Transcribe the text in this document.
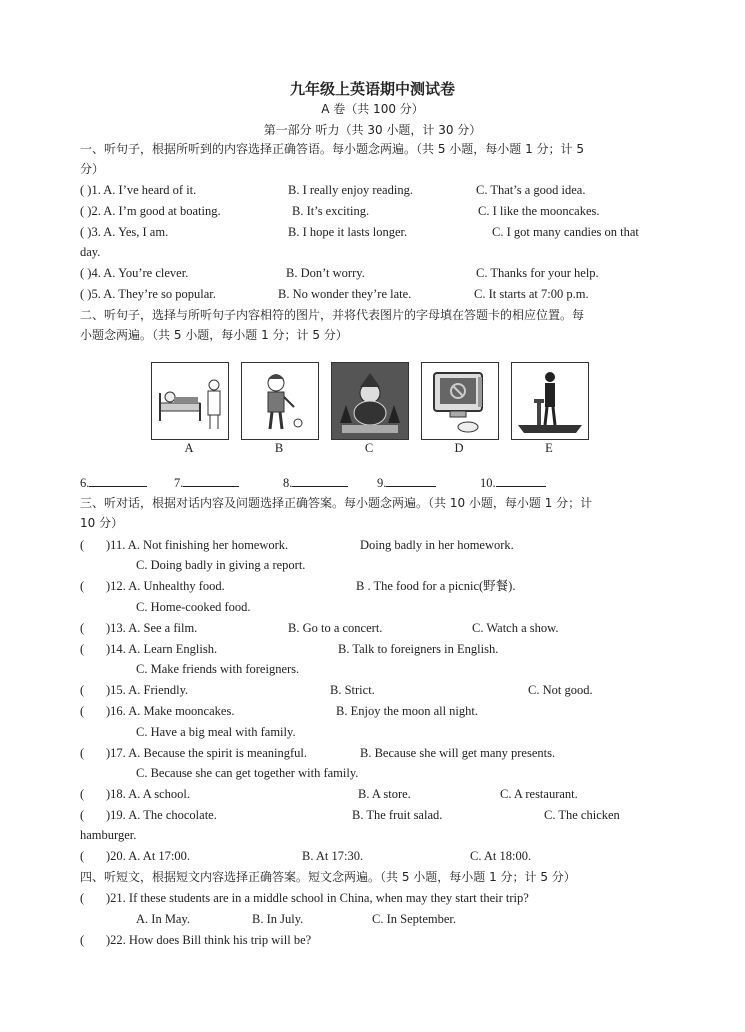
九年级上英语期中测试卷
A 卷（共 100 分）
第一部分 听力（共 30 小题，计 30 分）
一、听句子，根据所听到的内容选择正确答语。每小题念两遍。（共 5 小题，每小题 1 分；计 5
分）
( )1. A. I’ve heard of it.	B. I really enjoy reading.	C. That’s a good idea.
( )2. A. I’m good at boating.	B. It’s exciting.	C. I like the mooncakes.
( )3. A. Yes, I am.	B. I hope it lasts longer.	C. I got many candies on that
day.
( )4. A. You’re clever.	B. Don’t worry.	C. Thanks for your help.
( )5. A. They’re so popular.	B. No wonder they’re late.	C. It starts at 7:00 p.m.
二、听句子，选择与所听句子内容相符的图片，并将代表图片的字母填在答题卡的相应位置。每
小题念两遍。（共 5 小题，每小题 1 分；计 5 分）
A	B	C	D	E
6.	7.	8.	9.	10.
三、听对话，根据对话内容及问题选择正确答案。每小题念两遍。（共 10 小题，每小题 1 分；计
10 分）
( )11. A. Not finishing her homework.	Doing badly in her homework.
C. Doing badly in giving a report.
( )12. A. Unhealthy food.	B . The food for a picnic(野餐).
C. Home-cooked food.
( )13. A. See a film.	B. Go to a concert.	C. Watch a show.
( )14. A. Learn English.	B. Talk to foreigners in English.
C. Make friends with foreigners.
( )15. A. Friendly.	B. Strict.	C. Not good.
( )16. A. Make mooncakes.	B. Enjoy the moon all night.
C. Have a big meal with family.
( )17. A. Because the spirit is meaningful.	B. Because she will get many presents.
C. Because she can get together with family.
( )18. A. A school.	B. A store.	C. A restaurant.
( )19. A. The chocolate.	B. The fruit salad.	C. The chicken
hamburger.
( )20. A. At 17:00.	B. At 17:30.	C. At 18:00.
四、听短文，根据短文内容选择正确答案。短文念两遍。（共 5 小题，每小题 1 分；计 5 分）
( )21. If these students are in a middle school in China, when may they start their trip?
A. In May.	B. In July.	C. In September.
( )22. How does Bill think his trip will be?
